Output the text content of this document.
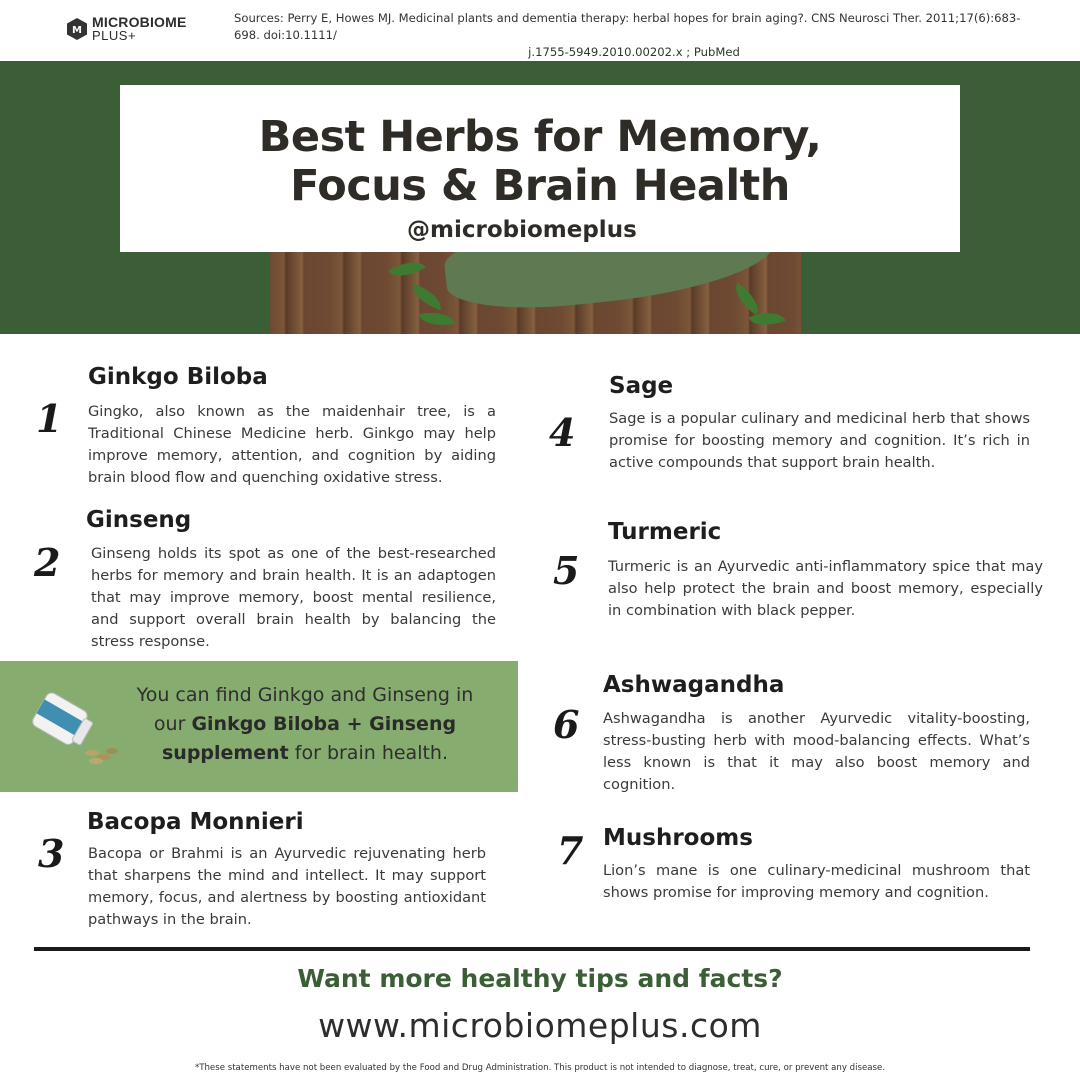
M
MICROBIOME
PLUS+
Sources: Perry E, Howes MJ. Medicinal plants and dementia therapy: herbal hopes for brain aging?. CNS Neurosci Ther. 2011;17(6):683-698. doi:10.1111/
j.1755-5949.2010.00202.x ; PubMed
Best Herbs for Memory,
Focus & Brain Health
@microbiomeplus
1
Ginkgo Biloba
Gingko, also known as the maidenhair tree, is a Traditional Chinese Medicine herb. Ginkgo may help improve memory, attention, and cognition by aiding brain blood flow and quenching oxidative stress.
2
Ginseng
Ginseng holds its spot as one of the best-researched herbs for memory and brain health. It is an adaptogen that may improve memory, boost mental resilience, and support overall brain health by balancing the stress response.
You can find Ginkgo and Ginseng in our Ginkgo Biloba + Ginseng supplement for brain health.
3
Bacopa Monnieri
Bacopa or Brahmi is an Ayurvedic rejuvenating herb that sharpens the mind and intellect. It may support memory, focus, and alertness by boosting antioxidant pathways in the brain.
4
Sage
Sage is a popular culinary and medicinal herb that shows promise for boosting memory and cognition. It’s rich in active compounds that support brain health.
5
Turmeric
Turmeric is an Ayurvedic anti-inflammatory spice that may also help protect the brain and boost memory, especially in combination with black pepper.
6
Ashwagandha
Ashwagandha is another Ayurvedic vitality-boosting, stress-busting herb with mood-balancing effects. What’s less known is that it may also boost memory and cognition.
7 Mushrooms
Lion’s mane is one culinary-medicinal mushroom that shows promise for improving memory and cognition.
Want more healthy tips and facts?
www.microbiomeplus.com
*These statements have not been evaluated by the Food and Drug Administration. This product is not intended to diagnose, treat, cure, or prevent any disease.
